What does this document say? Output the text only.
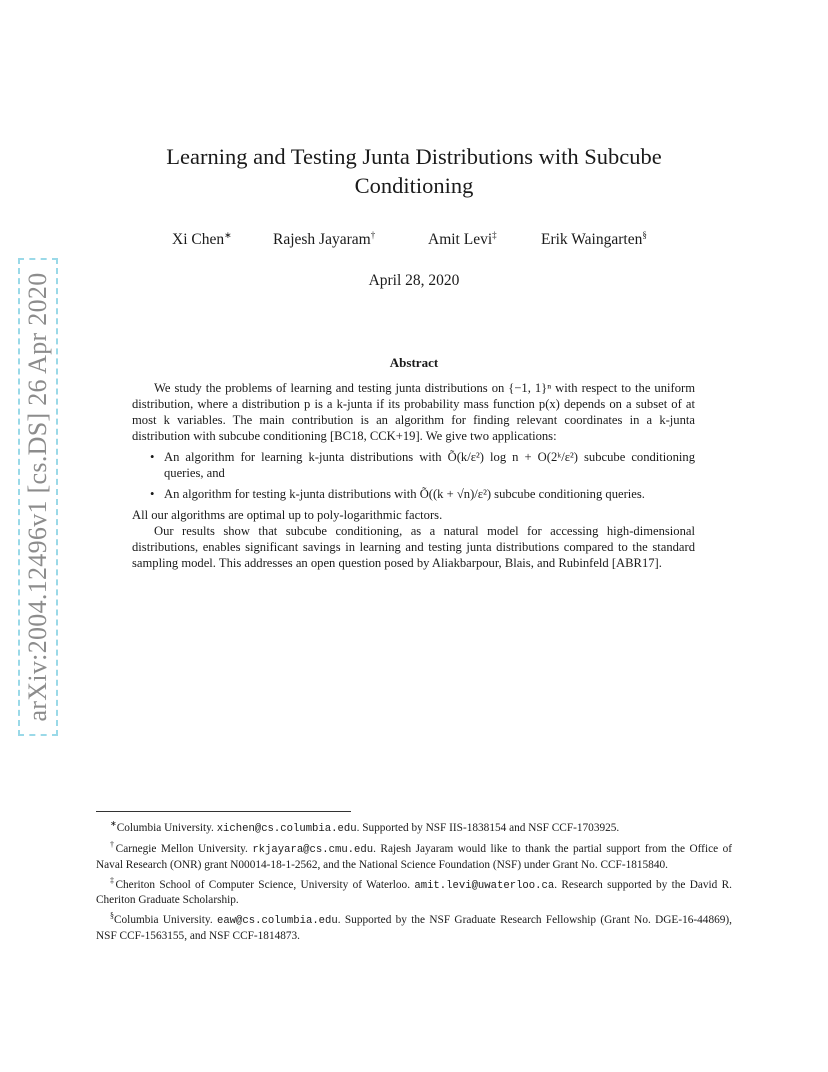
arXiv:2004.12496v1 [cs.DS] 26 Apr 2020
Learning and Testing Junta Distributions with Subcube Conditioning
Xi Chen∗	Rajesh Jayaram†	Amit Levi‡	Erik Waingarten§
April 28, 2020
Abstract

We study the problems of learning and testing junta distributions on {−1, 1}ⁿ with respect to the uniform distribution, where a distribution p is a k-junta if its probability mass function p(x) depends on a subset of at most k variables. The main contribution is an algorithm for finding relevant coordinates in a k-junta distribution with subcube conditioning [BC18, CCK+19]. We give two applications:

• An algorithm for learning k-junta distributions with Õ(k/ε²) log n + O(2ᵏ/ε²) subcube conditioning queries, and
• An algorithm for testing k-junta distributions with Õ((k + √n)/ε²) subcube conditioning queries.

All our algorithms are optimal up to poly-logarithmic factors.

Our results show that subcube conditioning, as a natural model for accessing high-dimensional distributions, enables significant savings in learning and testing junta distributions compared to the standard sampling model. This addresses an open question posed by Aliakbarpour, Blais, and Rubinfeld [ABR17].

∗Columbia University. xichen@cs.columbia.edu. Supported by NSF IIS-1838154 and NSF CCF-1703925.

†Carnegie Mellon University. rkjayara@cs.cmu.edu. Rajesh Jayaram would like to thank the partial support from the Office of Naval Research (ONR) grant N00014-18-1-2562, and the National Science Foundation (NSF) under Grant No. CCF-1815840.

‡Cheriton School of Computer Science, University of Waterloo. amit.levi@uwaterloo.ca. Research supported by the David R. Cheriton Graduate Scholarship.

§Columbia University. eaw@cs.columbia.edu. Supported by the NSF Graduate Research Fellowship (Grant No. DGE-16-44869), NSF CCF-1563155, and NSF CCF-1814873.
